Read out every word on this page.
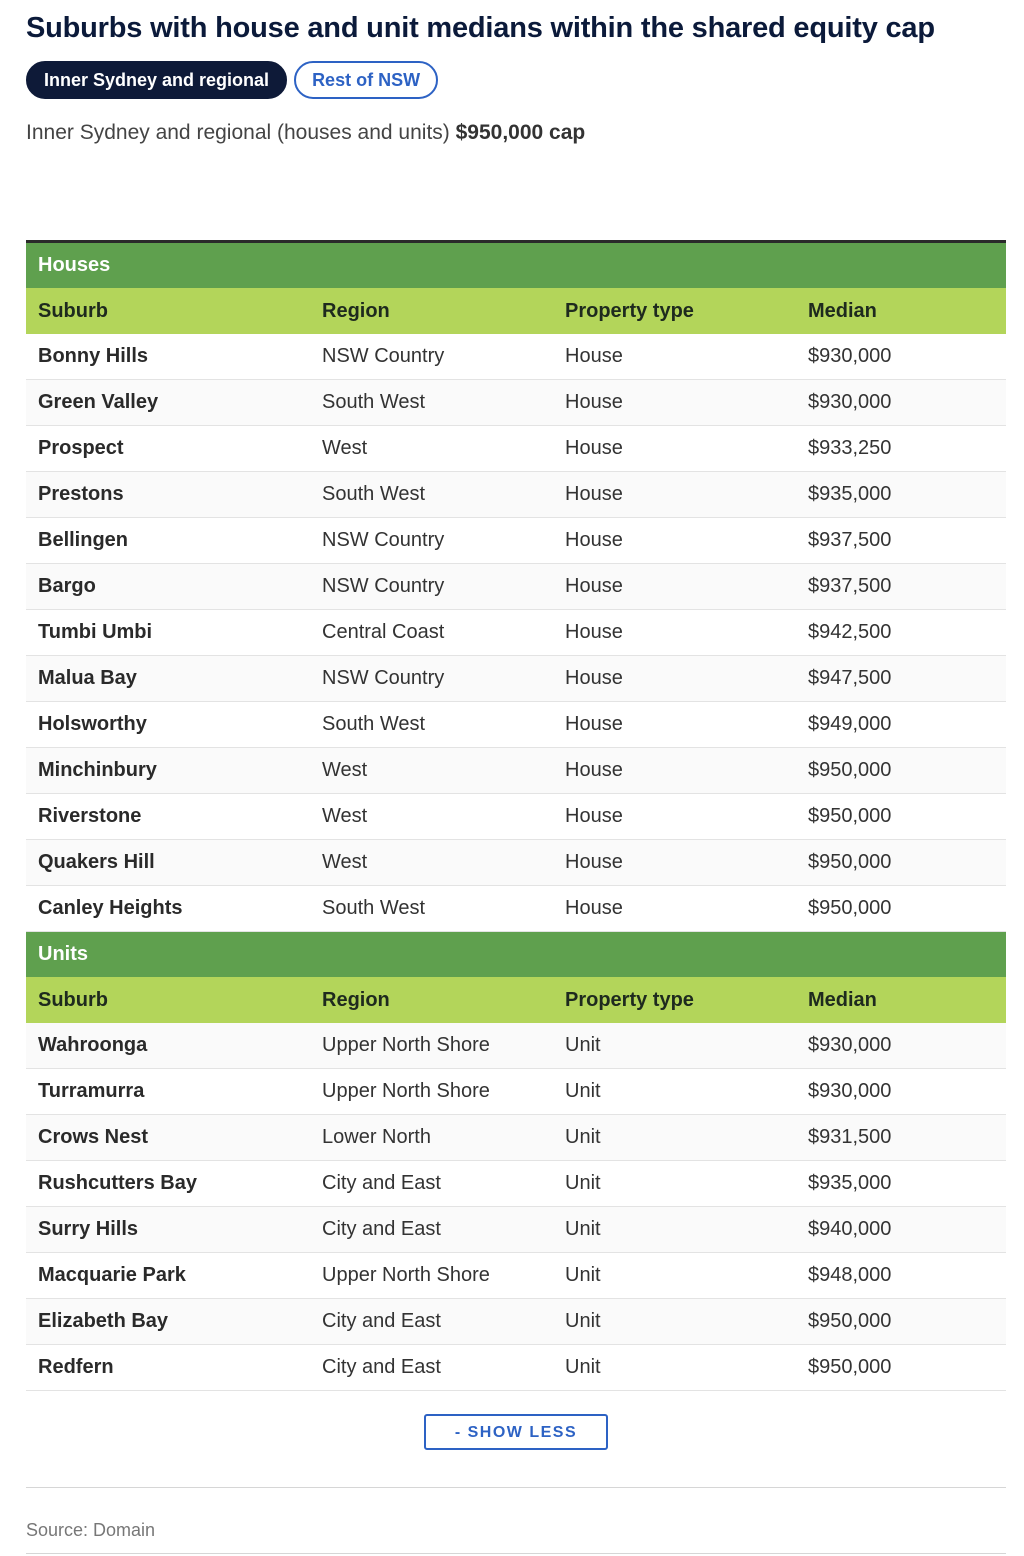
Suburbs with house and unit medians within the shared equity cap
Inner Sydney and regional	Rest of NSW
Inner Sydney and regional (houses and units) $950,000 cap
Houses			
Suburb	Region	Property type	Median
Bonny Hills	NSW Country	House	$930,000
Green Valley	South West	House	$930,000
Prospect	West	House	$933,250
Prestons	South West	House	$935,000
Bellingen	NSW Country	House	$937,500
Bargo	NSW Country	House	$937,500
Tumbi Umbi	Central Coast	House	$942,500
Malua Bay	NSW Country	House	$947,500
Holsworthy	South West	House	$949,000
Minchinbury	West	House	$950,000
Riverstone	West	House	$950,000
Quakers Hill	West	House	$950,000
Canley Heights	South West	House	$950,000
Units			
Suburb	Region	Property type	Median
Wahroonga	Upper North Shore	Unit	$930,000
Turramurra	Upper North Shore	Unit	$930,000
Crows Nest	Lower North	Unit	$931,500
Rushcutters Bay	City and East	Unit	$935,000
Surry Hills	City and East	Unit	$940,000
Macquarie Park	Upper North Shore	Unit	$948,000
Elizabeth Bay	City and East	Unit	$950,000
Redfern	City and East	Unit	$950,000
- SHOW LESS
Source: Domain
